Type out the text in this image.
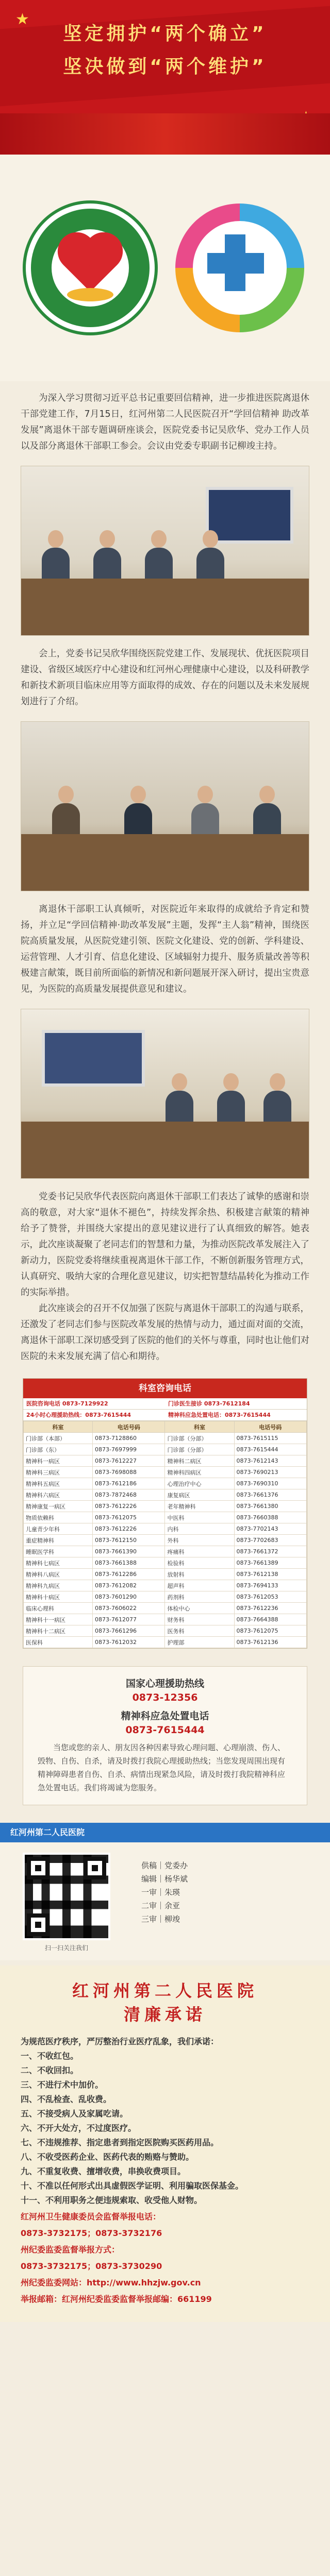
★
坚定拥护“两个确立”
坚决做到“两个维护”

为深入学习贯彻习近平总书记重要回信精神，进一步推进医院离退休干部党建工作，7月15日，红河州第二人民医院召开“学回信精神 助改革发展”离退休干部专题调研座谈会，医院党委书记吴欣华、党办工作人员以及部分离退休干部职工参会。会议由党委专职副书记柳竣主持。

会上，党委书记吴欣华围绕医院党建工作、发展现状、优抚医院项目建设、省级区域医疗中心建设和红河州心理健康中心建设，以及科研教学和新技术新项目临床应用等方面取得的成效、存在的问题以及未来发展规划进行了介绍。

离退休干部职工认真倾听，对医院近年来取得的成就给予肯定和赞扬，并立足“学回信精神·助改革发展”主题，发挥“主人翁”精神，围绕医院高质量发展，从医院党建引领、医院文化建设、党的创新、学科建设、运营管理、人才引育、信息化建设、区域辐射力提升、服务质量改善等积极建言献策，既目前所面临的新情况和新问题展开深入研讨，提出宝贵意见，为医院的高质量发展提供意见和建议。

党委书记吴欣华代表医院向离退休干部职工们表达了诚挚的感谢和崇高的敬意，对大家“退休不褪色”，持续发挥余热、积极建言献策的精神给予了赞誉，并围绕大家提出的意见建议进行了认真细致的解答。她表示，此次座谈凝聚了老同志们的智慧和力量，为推动医院改革发展注入了新动力，医院党委将继续重视离退休干部工作，不断创新服务管理方式，认真研究、吸纳大家的合理化意见建议，切实把智慧结晶转化为推动工作的实际举措。

此次座谈会的召开不仅加强了医院与离退休干部职工的沟通与联系，还激发了老同志们参与医院改革发展的热情与动力，通过面对面的交流，离退休干部职工深切感受到了医院的他们的关怀与尊重，同时也让他们对医院的未来发展充满了信心和期待。

科室咨询电话
医院咨询电话 0873-7129922	门诊医生接诊 0873-7612184
24小时心理援助热线：0873-7615444	精神科应急处置电话：0873-7615444
科室	电话号码	科室	电话号码
门诊部（本部）	0873-7128860	门诊部（分部）	0873-7615115
门诊部（东）	0873-7697999	门诊部（分部）	0873-7615444
精神科一病区	0873-7612227	精神科二病区	0873-7612143
精神科三病区	0873-7698088	精神科四病区	0873-7690213
精神科五病区	0873-7612186	心理治疗中心	0873-7690310
精神科六病区	0873-7872468	康复病区	0873-7661376
精神康复一病区	0873-7612226	老年精神科	0873-7661380
物质依赖科	0873-7612075	中医科	0873-7660388
儿童青少年科	0873-7612226	内科	0873-7702143
重症精神科	0873-7612150	外科	0873-7702683
睡眠医学科	0873-7661390	疼痛科	0873-7661372
精神科七病区	0873-7661388	检验科	0873-7661389
精神科八病区	0873-7612286	放射科	0873-7612138
精神科九病区	0873-7612082	超声科	0873-7694133
精神科十病区	0873-7601290	药剂科	0873-7612053
临床心理科	0873-7606022	体检中心	0873-7612236
精神科十一病区	0873-7612077	财务科	0873-7664388
精神科十二病区	0873-7661296	医务科	0873-7612075
医保科	0873-7612032	护理部	0873-7612136
国家心理援助热线
0873-12356
精神科应急处置电话
0873-7615444

当您或您的亲人、朋友因各种因素导致心理问题、心理崩溃、伤人、毁物、自伤、自杀，请及时拨打我院心理援助热线；当您发现周围出现有精神障碍患者自伤、自杀、病情出现紧急风险，请及时拨打我院精神科应急处置电话。我们将竭诚为您服务。

红河州第二人民医院
扫一扫关注我们
供稿｜党委办
编辑｜杨华斌
一审｜朱瑛
二审｜余亚
三审｜柳竣
红河州第二人民医院
清廉承诺
为规范医疗秩序，严厉整治行业医疗乱象，我们承诺：
一、不收红包。
二、不收回扣。
三、不进行术中加价。
四、不乱检查、乱收费。
五、不接受病人及家属吃请。
六、不开大处方，不过度医疗。
七、不违规推荐、指定患者到指定医院购买医药用品。
八、不收受医药企业、医药代表的贿赂与赞助。
九、不重复收费、擅增收费，串换收费项目。
十、不准以任何形式出具虚假医学证明、利用骗取医保基金。
十一、不利用职务之便违规索取、收受他人财物。
红河州卫生健康委员会监督举报电话：
0873-3732175；0873-3732176
州纪委监委监督举报方式：
0873-3732175；0873-3730290
州纪委监委网站：http://www.hhzjw.gov.cn
举报邮箱：红河州纪委监委监督举报邮编：661199
